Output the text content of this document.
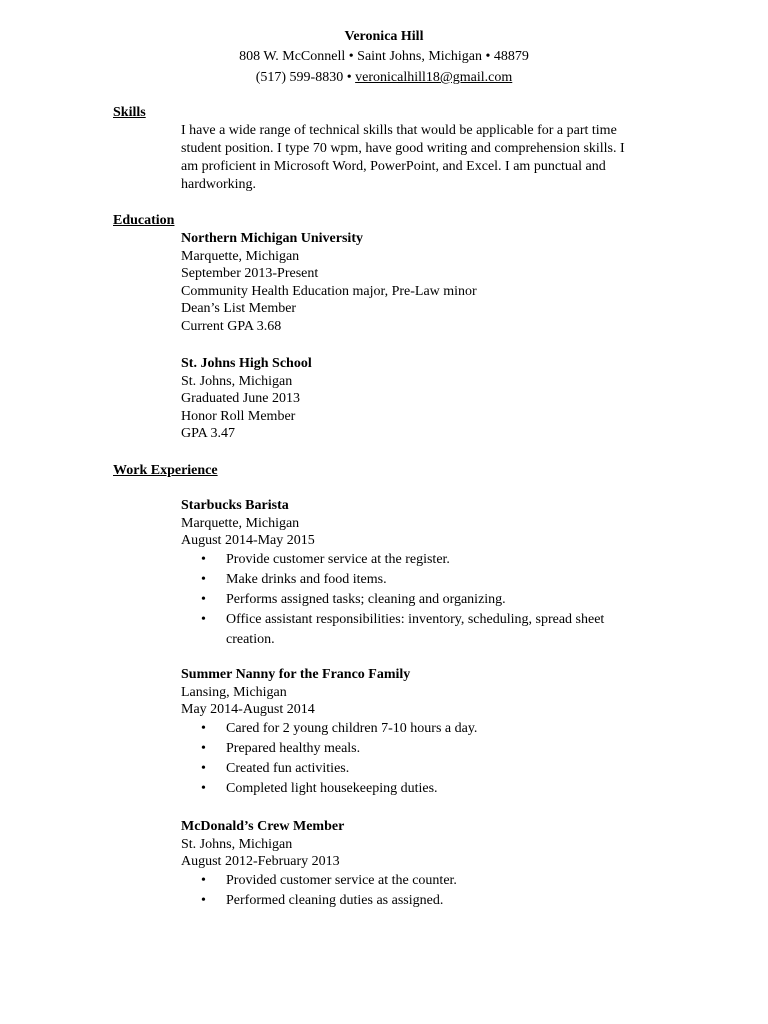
Veronica Hill
808 W. McConnell • Saint Johns, Michigan • 48879
(517) 599-8830 • veronicalhill18@gmail.com
Skills
I have a wide range of technical skills that would be applicable for a part time
student position. I type 70 wpm, have good writing and comprehension skills. I
am proficient in Microsoft Word, PowerPoint, and Excel. I am punctual and
hardworking.
Education

Northern Michigan University

Marquette, Michigan

September 2013-Present

Community Health Education major, Pre-Law minor

Dean’s List Member

Current GPA 3.68

St. Johns High School

St. Johns, Michigan

Graduated June 2013

Honor Roll Member

GPA 3.47

Work Experience

Starbucks Barista

Marquette, Michigan

August 2014-May 2015

• Provide customer service at the register.
• Make drinks and food items.
• Performs assigned tasks; cleaning and organizing.
• Office assistant responsibilities: inventory, scheduling, spread sheet
creation.

Summer Nanny for the Franco Family

Lansing, Michigan

May 2014-August 2014

• Cared for 2 young children 7-10 hours a day.
• Prepared healthy meals.
• Created fun activities.
• Completed light housekeeping duties.

McDonald’s Crew Member

St. Johns, Michigan

August 2012-February 2013

• Provided customer service at the counter.
• Performed cleaning duties as assigned.
